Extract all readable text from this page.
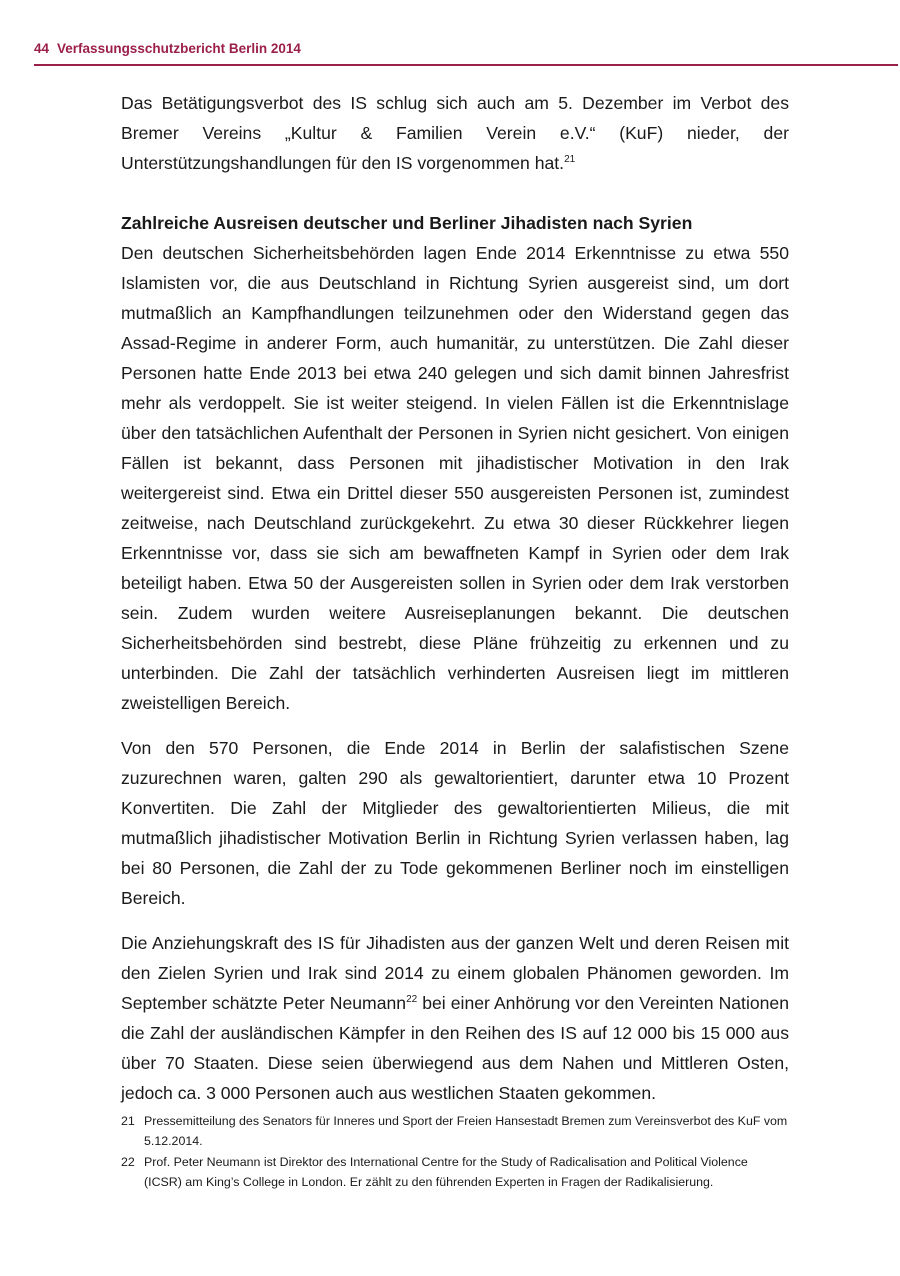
44 Verfassungsschutzbericht Berlin 2014

Das Betätigungsverbot des IS schlug sich auch am 5. Dezember im Verbot des Bremer Vereins „Kultur & Familien Verein e.V.“ (KuF) nieder, der Unterstützungshandlungen für den IS vorgenommen hat.$^{21}$

Zahlreiche Ausreisen deutscher und Berliner Jihadisten nach Syrien

Den deutschen Sicherheitsbehörden lagen Ende 2014 Erkenntnisse zu etwa 550 Islamisten vor, die aus Deutschland in Richtung Syrien ausgereist sind, um dort mutmaßlich an Kampfhandlungen teilzunehmen oder den Widerstand gegen das Assad-Regime in anderer Form, auch humanitär, zu unterstützen. Die Zahl dieser Personen hatte Ende 2013 bei etwa 240 gelegen und sich damit binnen Jahresfrist mehr als verdoppelt. Sie ist weiter steigend. In vielen Fällen ist die Erkenntnislage über den tatsächlichen Aufenthalt der Personen in Syrien nicht gesichert. Von einigen Fällen ist bekannt, dass Personen mit jihadistischer Motivation in den Irak weitergereist sind. Etwa ein Drittel dieser 550 ausgereisten Personen ist, zumindest zeitweise, nach Deutschland zurückgekehrt. Zu etwa 30 dieser Rückkehrer liegen Erkenntnisse vor, dass sie sich am bewaffneten Kampf in Syrien oder dem Irak beteiligt haben. Etwa 50 der Ausgereisten sollen in Syrien oder dem Irak verstorben sein. Zudem wurden weitere Ausreiseplanungen bekannt. Die deutschen Sicherheitsbehörden sind bestrebt, diese Pläne frühzeitig zu erkennen und zu unterbinden. Die Zahl der tatsächlich verhinderten Ausreisen liegt im mittleren zweistelligen Bereich.

Von den 570 Personen, die Ende 2014 in Berlin der salafistischen Szene zuzurechnen waren, galten 290 als gewaltorientiert, darunter etwa 10 Prozent Konvertiten. Die Zahl der Mitglieder des gewaltorientierten Milieus, die mit mutmaßlich jihadistischer Motivation Berlin in Richtung Syrien verlassen haben, lag bei 80 Personen, die Zahl der zu Tode gekommenen Berliner noch im einstelligen Bereich.

Die Anziehungskraft des IS für Jihadisten aus der ganzen Welt und deren Reisen mit den Zielen Syrien und Irak sind 2014 zu einem globalen Phänomen geworden. Im September schätzte Peter Neumann$^{22}$ bei einer Anhörung vor den Vereinten Nationen die Zahl der ausländischen Kämpfer in den Reihen des IS auf 12 000 bis 15 000 aus über 70 Staaten. Diese seien überwiegend aus dem Nahen und Mittleren Osten, jedoch ca. 3 000 Personen auch aus westlichen Staaten gekommen.

21 Pressemitteilung des Senators für Inneres und Sport der Freien Hansestadt Bremen zum Vereinsverbot des KuF vom 5.12.2014.
22 Prof. Peter Neumann ist Direktor des International Centre for the Study of Radicalisation and Political Violence (ICSR) am King’s College in London. Er zählt zu den führenden Experten in Fragen der Radikalisierung.
